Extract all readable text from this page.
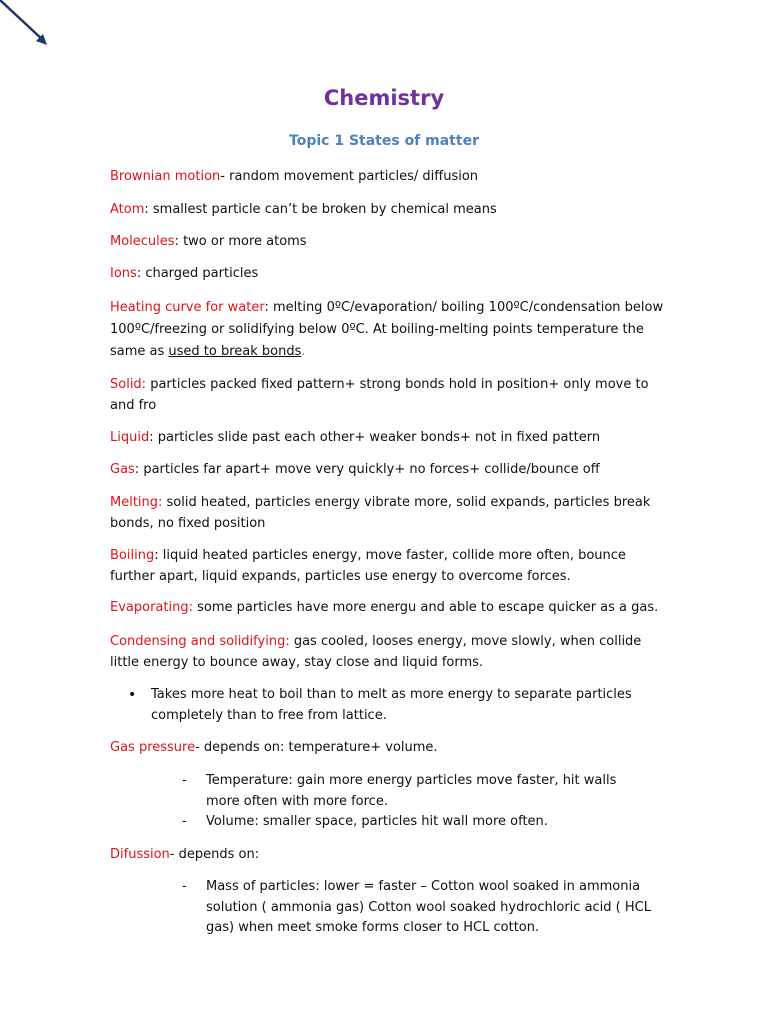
Chemistry
Topic 1 States of matter
Brownian motion- random movement particles/ diffusion
Atom: smallest particle can’t be broken by chemical means
Molecules: two or more atoms
Ions: charged particles
Heating curve for water: melting 0ºC/evaporation/ boiling 100ºC/condensation below 100ºC/freezing or solidifying below 0ºC. At boiling-melting points temperature the same as used to break bonds.
Solid: particles packed fixed pattern+ strong bonds hold in position+ only move to and fro
Liquid: particles slide past each other+ weaker bonds+ not in fixed pattern
Gas: particles far apart+ move very quickly+ no forces+ collide/bounce off
Melting: solid heated, particles energy vibrate more, solid expands, particles break bonds, no fixed position
Boiling: liquid heated particles energy, move faster, collide more often, bounce further apart, liquid expands, particles use energy to overcome forces.
Evaporating: some particles have more energu and able to escape quicker as a gas.
Condensing and solidifying: gas cooled, looses energy, move slowly, when collide little energy to bounce away, stay close and liquid forms.
• Takes more heat to boil than to melt as more energy to separate particles completely than to free from lattice.
Gas pressure- depends on: temperature+ volume.
- Temperature: gain more energy particles move faster, hit walls more often with more force.
- Volume: smaller space, particles hit wall more often.
Difussion- depends on:
- Mass of particles: lower = faster – Cotton wool soaked in ammonia solution ( ammonia gas) Cotton wool soaked hydrochloric acid ( HCL gas) when meet smoke forms closer to HCL cotton.
